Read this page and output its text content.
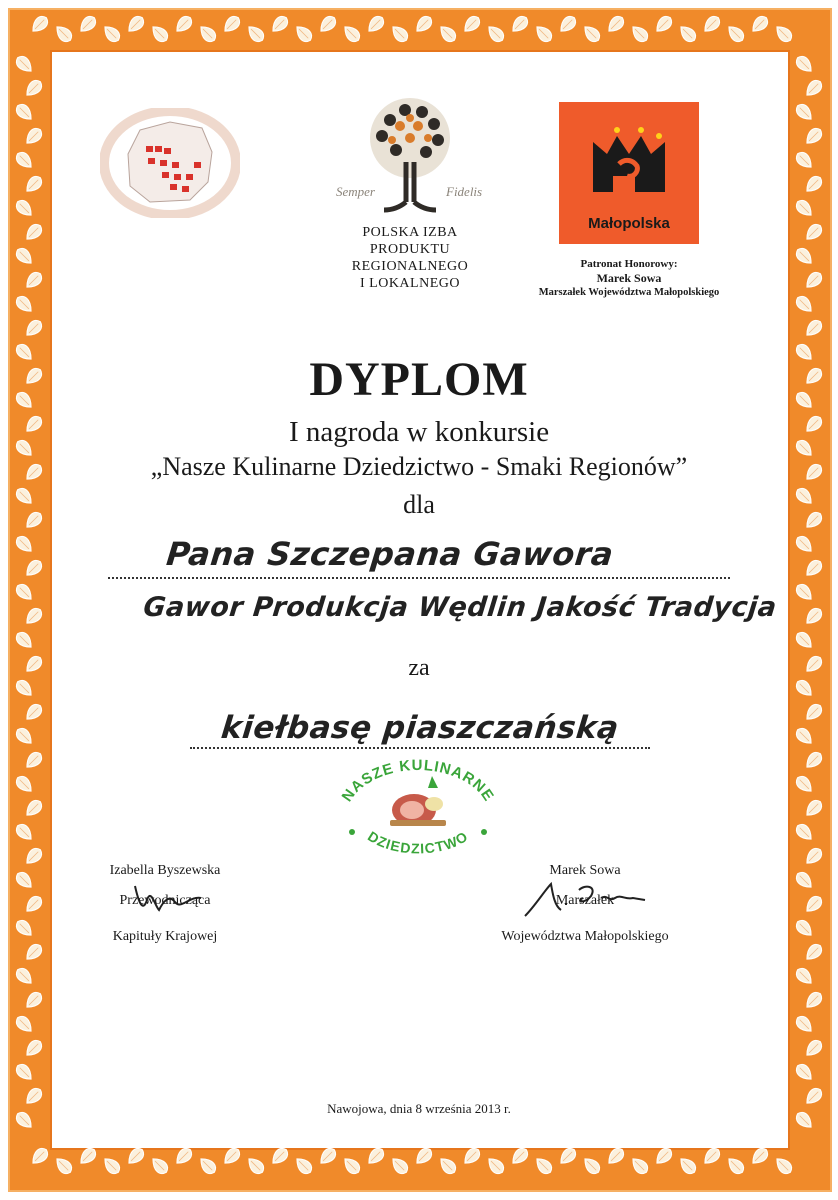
Semper	Fidelis
POLSKA IZBA
PRODUKTU
REGIONALNEGO
I LOKALNEGO
Małopolska
Patronat Honorowy:
Marek Sowa
Marszałek Województwa Małopolskiego
DYPLOM
I nagroda w konkursie
„Nasze Kulinarne Dziedzictwo - Smaki Regionów”
dla
Pana Szczepana Gawora
Gawor Produkcja Wędlin Jakość Tradycja
za
kiełbasę piaszczańską
NASZE KULINARNE
DZIEDZICTWO
Izabella Byszewska
Przewodnicząca
Kapituły Krajowej
Marek Sowa
Marszałek
Województwa Małopolskiego
Nawojowa, dnia 8 września 2013 r.
